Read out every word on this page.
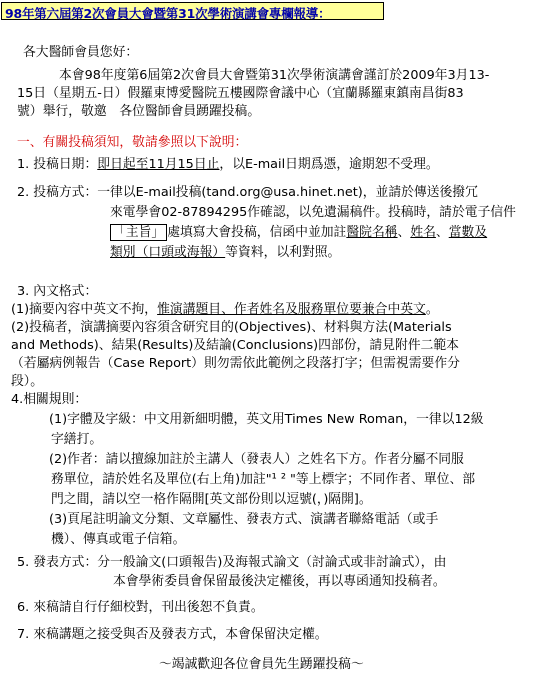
98年第六屆第2次會員大會暨第31次學術演講會專欄報導：
各大醫師會員您好：
本會98年度第6屆第2次會員大會暨第31次學術演講會謹訂於2009年3月13-
15日（星期五-日）假羅東博愛醫院五樓國際會議中心（宜蘭縣羅東鎮南昌街83
號）舉行，敬邀　各位醫師會員踴躍投稿。
一、有關投稿須知，敬請參照以下說明：
1. 投稿日期：即日起至11月15日止，以E-mail日期爲憑，逾期恕不受理。
2. 投稿方式：一律以E-mail投稿(tand.org@usa.hinet.net)，並請於傳送後撥冗
來電學會02-87894295作確認，以免遺漏稿件。投稿時，請於電子信件
「主旨」 處填寫大會投稿，信函中並加註醫院名稱、姓名、當數及
類別（口頭或海報）等資料，以利對照。
3. 內文格式：
(1)摘要內容中英文不拘，惟演講題目、作者姓名及服務單位要兼合中英文。
(2)投稿者，演講摘要內容須含研究目的(Objectives)、材料與方法(Materials
and Methods)、結果(Results)及結論(Conclusions)四部份，請見附件二範本
（若屬病例報告（Case Report）則勿需依此範例之段落打字；但需視需要作分
段）。
4.相關規則：
(1)字體及字級：中文用新細明體，英文用Times New Roman，一律以12級
字繕打。
(2)作者：請以擅線加註於主講人（發表人）之姓名下方。作者分屬不同服
務單位，請於姓名及單位(右上角)加註"¹ ² "等上標字；不同作者、單位、部
門之間，請以空一格作隔開[英文部份則以逗號(，)隔開]。
(3)頁尾註明論文分類、文章屬性、發表方式、演講者聯絡電話（或手
機）、傳真或電子信箱。
5. 發表方式：分一般論文(口頭報告)及海報式論文（討論式或非討論式），由
本會學術委員會保留最後決定權後，再以專函通知投稿者。
6. 來稿請自行仔細校對，刊出後恕不負責。
7. 來稿講題之接受與否及發表方式，本會保留決定權。
～竭誠歡迎各位會員先生踴躍投稿～
